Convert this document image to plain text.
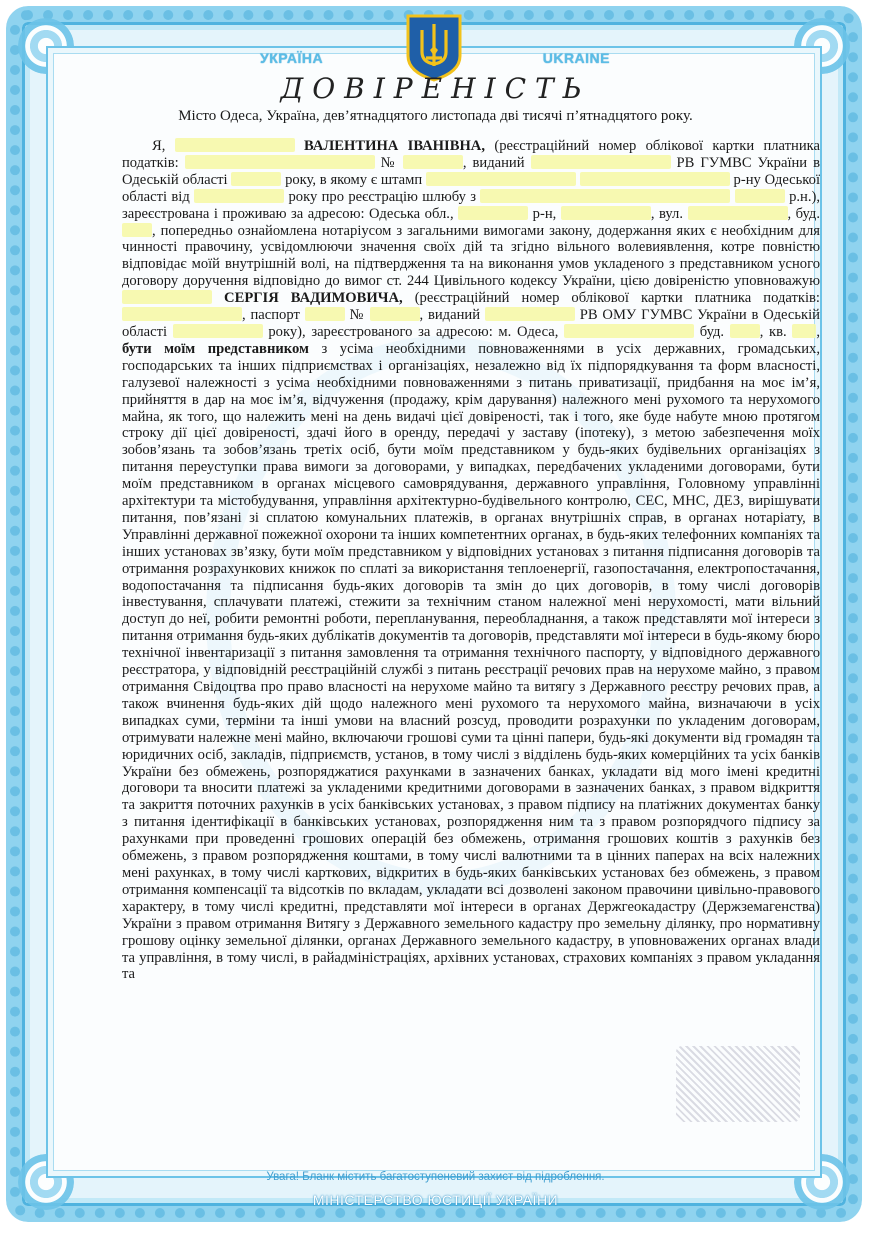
УКРАЇНА	UKRAINE
ДОВІРЕНІСТЬ
Місто Одеса, Україна, дев’ятнадцятого листопада дві тисячі п’ятнадцятого року.

Я,	ВАЛЕНТИНА ІВАНІВНА, (реєстраційний номер облікової картки платника податків:	№	, виданий	РВ ГУМВС України в Одеській області	року, в якому є штамп	р-ну Одеської області від	року про реєстрацію шлюбу з	р.н.), зареєстрована і проживаю за адресою: Одеська обл.,	р-н,	, вул.	, буд. , попередньо ознайомлена нотаріусом з загальними вимогами закону, додержання яких є необхідним для чинності правочину, усвідомлюючи значення своїх дій та згідно вільного волевиявлення, котре повністю відповідає моїй внутрішній волі, на підтвердження та на виконання умов укладеного з представником усного договору доручення відповідно до вимог ст. 244 Цивільного кодексу України, цією довіреністю уповноважую  СЕРГІЯ ВАДИМОВИЧА, (реєстраційний номер облікової картки платника податків: , паспорт	№	, виданий	РВ ОМУ ГУМВС України в Одеській області	року), зареєстрованого за адресою: м. Одеса,	буд. , кв. , бути моїм представником з усіма необхідними повноваженнями в усіх державних, громадських, господарських та інших підприємствах і організаціях, незалежно від їх підпорядкування та форм власності, галузевої належності з усіма необхідними повноваженнями з питань приватизації, придбання на моє ім’я, прийняття в дар на моє ім’я, відчуження (продажу, крім дарування) належного мені рухомого та нерухомого майна, як того, що належить мені на день видачі цієї довіреності, так і того, яке буде набуте мною протягом строку дії цієї довіреності, здачі його в оренду, передачі у заставу (іпотеку), з метою забезпечення моїх зобов’язань та зобов’язань третіх осіб, бути моїм представником у будь-яких будівельних організаціях з питання переуступки права вимоги за договорами, у випадках, передбачених укладеними договорами, бути моїм представником в органах місцевого самоврядування, державного управління, Головному управлінні архітектури та містобудування, управління архітектурно-будівельного контролю, СЕС, МНС, ДЕЗ, вирішувати питання, пов’язані зі сплатою комунальних платежів, в органах внутрішніх справ, в органах нотаріату, в Управлінні державної пожежної охорони та інших компетентних органах, в будь-яких телефонних компаніях та інших установах зв’язку, бути моїм представником у відповідних установах з питання підписання договорів та отримання розрахункових книжок по сплаті за використання теплоенергії, газопостачання, електропостачання, водопостачання та підписання будь-яких договорів та змін до цих договорів, в тому числі договорів інвестування, сплачувати платежі, стежити за технічним станом належної мені нерухомості, мати вільний доступ до неї, робити ремонтні роботи, перепланування, переобладнання, а також представляти мої інтереси з питання отримання будь-яких дублікатів документів та договорів, представляти мої інтереси в будь-якому бюро технічної інвентаризації з питання замовлення та отримання технічного паспорту, у відповідного державного реєстратора, у відповідній реєстраційній службі з питань реєстрації речових прав на нерухоме майно, з правом отримання Свідоцтва про право власності на нерухоме майно та витягу з Державного реєстру речових прав, а також вчинення будь-яких дій щодо належного мені рухомого та нерухомого майна, визначаючи в усіх випадках суми, терміни та інші умови на власний розсуд, проводити розрахунки по укладеним договорам, отримувати належне мені майно, включаючи грошові суми та цінні папери, будь-які документи від громадян та юридичних осіб, закладів, підприємств, установ, в тому числі з відділень будь-яких комерційних та усіх банків України без обмежень, розпоряджатися рахунками в зазначених банках, укладати від мого імені кредитні договори та вносити платежі за укладеними кредитними договорами в зазначених банках, з правом відкриття та закриття поточних рахунків в усіх банківських установах, з правом підпису на платіжних документах банку з питання ідентифікації в банківських установах, розпорядження ним та з правом розпорядчого підпису за рахунками при проведенні грошових операцій без обмежень, отримання грошових коштів з рахунків без обмежень, з правом розпорядження коштами, в тому числі валютними та в цінних паперах на всіх належних мені рахунках, в тому числі карткових, відкритих в будь-яких банківських установах без обмежень, з правом отримання компенсації та відсотків по вкладам, укладати всі дозволені законом правочини цивільно-правового характеру, в тому числі кредитні, представляти мої інтереси в органах Держгеокадастру (Держземагенства) України з правом отримання Витягу з Державного земельного кадастру про земельну ділянку, про нормативну грошову оцінку земельної ділянки, органах Державного земельного кадастру, в уповноважених органах влади та управління, в тому числі, в райадміністраціях, архівних установах, страхових компаніях з правом укладання та

Увага! Бланк містить багатоступеневий захист від підроблення.
МІНІСТЕРСТВО ЮСТИЦІЇ УКРАЇНИ
